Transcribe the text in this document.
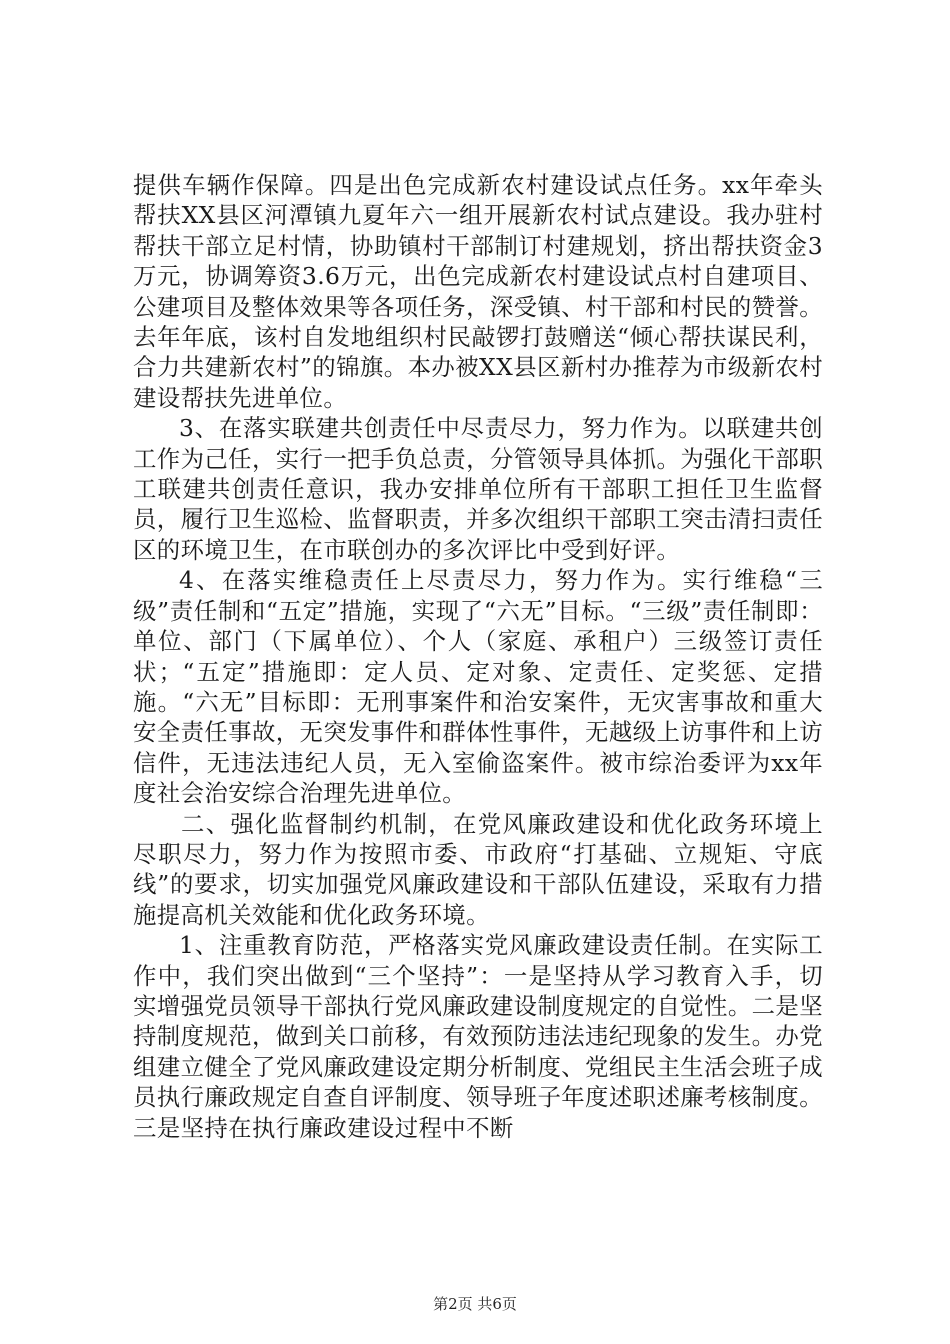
提供车辆作保障。四是出色完成新农村建设试点任务。xx年牵头帮扶XX县区河潭镇九夏年六一组开展新农村试点建设。我办驻村帮扶干部立足村情，协助镇村干部制订村建规划，挤出帮扶资金3万元，协调筹资3.6万元，出色完成新农村建设试点村自建项目、公建项目及整体效果等各项任务，深受镇、村干部和村民的赞誉。去年年底，该村自发地组织村民敲锣打鼓赠送“倾心帮扶谋民利，合力共建新农村”的锦旗。本办被XX县区新村办推荐为市级新农村建设帮扶先进单位。

3、在落实联建共创责任中尽责尽力，努力作为。以联建共创工作为己任，实行一把手负总责，分管领导具体抓。为强化干部职工联建共创责任意识，我办安排单位所有干部职工担任卫生监督员，履行卫生巡检、监督职责，并多次组织干部职工突击清扫责任区的环境卫生，在市联创办的多次评比中受到好评。

4、在落实维稳责任上尽责尽力，努力作为。实行维稳“三级”责任制和“五定”措施，实现了“六无”目标。“三级”责任制即：单位、部门（下属单位）、个人（家庭、承租户）三级签订责任状；“五定”措施即：定人员、定对象、定责任、定奖惩、定措施。“六无”目标即：无刑事案件和治安案件，无灾害事故和重大安全责任事故，无突发事件和群体性事件，无越级上访事件和上访信件，无违法违纪人员，无入室偷盗案件。被市综治委评为xx年度社会治安综合治理先进单位。

二、强化监督制约机制，在党风廉政建设和优化政务环境上尽职尽力，努力作为按照市委、市政府“打基础、立规矩、守底线”的要求，切实加强党风廉政建设和干部队伍建设，采取有力措施提高机关效能和优化政务环境。

1、注重教育防范，严格落实党风廉政建设责任制。在实际工作中，我们突出做到“三个坚持”：一是坚持从学习教育入手，切实增强党员领导干部执行党风廉政建设制度规定的自觉性。二是坚持制度规范，做到关口前移，有效预防违法违纪现象的发生。办党组建立健全了党风廉政建设定期分析制度、党组民主生活会班子成员执行廉政规定自查自评制度、领导班子年度述职述廉考核制度。三是坚持在执行廉政建设过程中不断

第2页 共6页
